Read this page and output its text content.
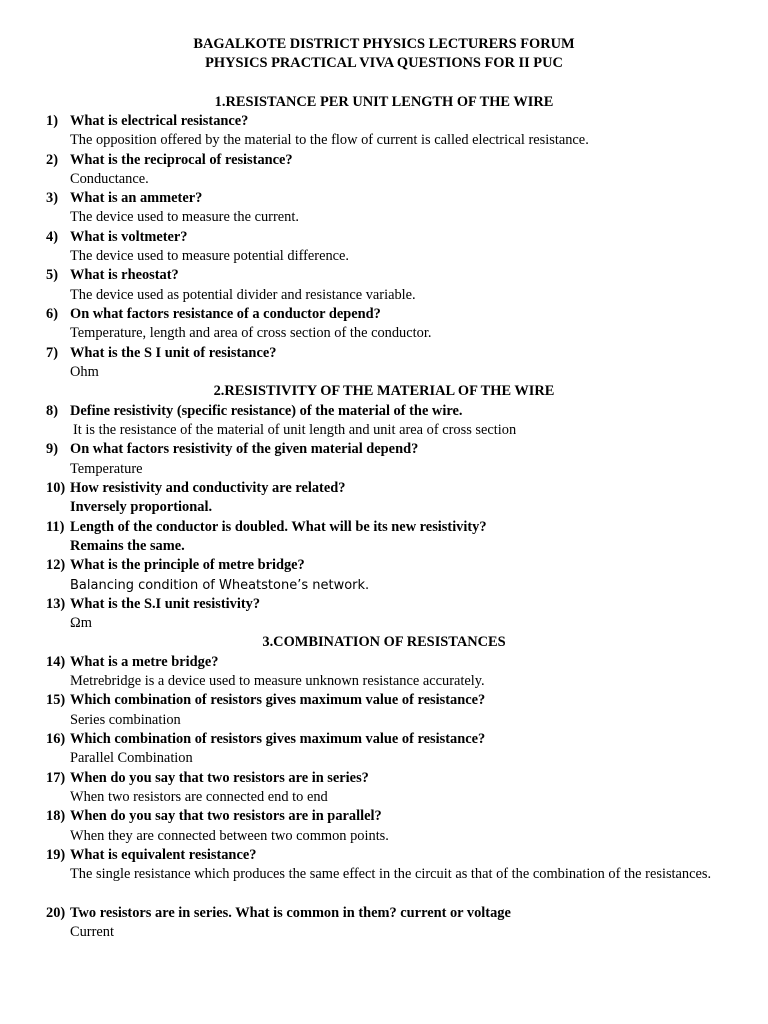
BAGALKOTE DISTRICT PHYSICS LECTURERS FORUM
PHYSICS PRACTICAL VIVA QUESTIONS FOR II PUC
1.RESISTANCE PER UNIT LENGTH OF THE WIRE
1) What is electrical resistance?
The opposition offered by the material to the flow of current is called electrical resistance.
2) What is the reciprocal of resistance?
Conductance.
3) What is an ammeter?
The device used to measure the current.
4) What is voltmeter?
The device used to measure potential difference.
5) What is rheostat?
The device used as potential divider and resistance variable.
6) On what factors resistance of a conductor depend?
Temperature, length and area of cross section of the conductor.
7) What is the S I unit of resistance?
Ohm
2.RESISTIVITY OF THE MATERIAL OF THE WIRE
8) Define resistivity (specific resistance) of the material of the wire.
It is the resistance of the material of unit length and unit area of cross section
9) On what factors resistivity of the given material depend?
Temperature
10) How resistivity and conductivity are related?
Inversely proportional.
11) Length of the conductor is doubled. What will be its new resistivity?
Remains the same.
12) What is the principle of metre bridge?
Balancing condition of Wheatstone’s network.
13) What is the S.I unit resistivity?
Ωm
3.COMBINATION OF RESISTANCES
14) What is a metre bridge?
Metrebridge is a device used to measure unknown resistance accurately.
15) Which combination of resistors gives maximum value of resistance?
Series combination
16) Which combination of resistors gives maximum value of resistance?
Parallel Combination
17) When do you say that two resistors are in series?
When two resistors are connected end to end
18) When do you say that two resistors are in parallel?
When they are connected between two common points.
19) What is equivalent resistance?
The single resistance which produces the same effect in the circuit as that of the combination of the resistances.
20) Two resistors are in series. What is common in them? current or voltage
Current
